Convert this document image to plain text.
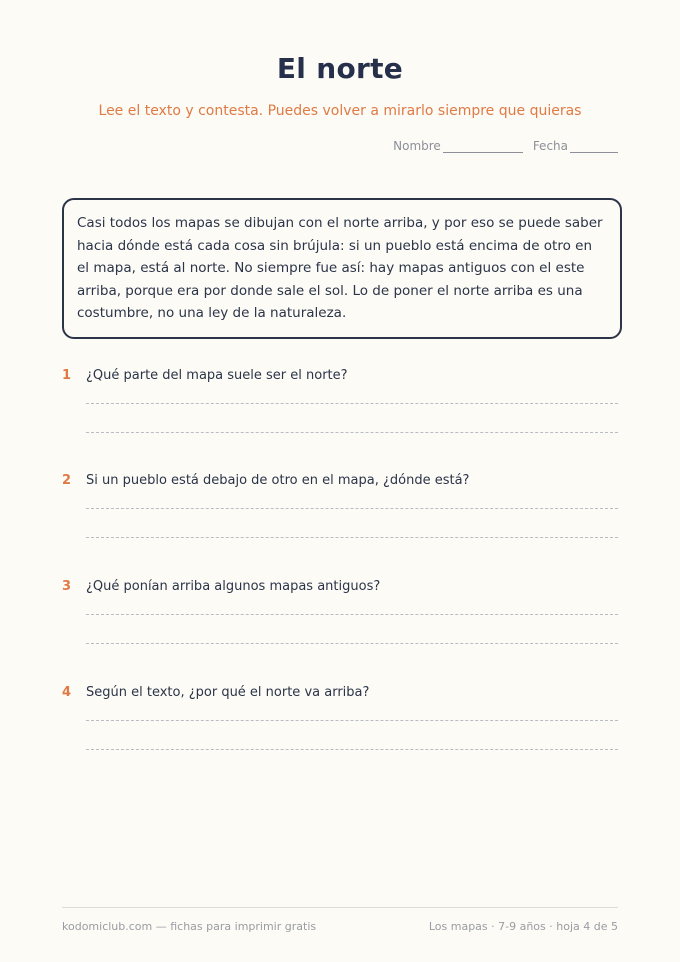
El norte
Lee el texto y contesta. Puedes volver a mirarlo siempre que quieras
Nombre	Fecha
Casi todos los mapas se dibujan con el norte arriba, y por eso se puede saber hacia dónde está cada cosa sin brújula: si un pueblo está encima de otro en el mapa, está al norte. No siempre fue así: hay mapas antiguos con el este arriba, porque era por donde sale el sol. Lo de poner el norte arriba es una costumbre, no una ley de la naturaleza.
1	¿Qué parte del mapa suele ser el norte?
2	Si un pueblo está debajo de otro en el mapa, ¿dónde está?
3	¿Qué ponían arriba algunos mapas antiguos?
4	Según el texto, ¿por qué el norte va arriba?
kodomiclub.com — fichas para imprimir gratis	Los mapas · 7-9 años · hoja 4 de 5
